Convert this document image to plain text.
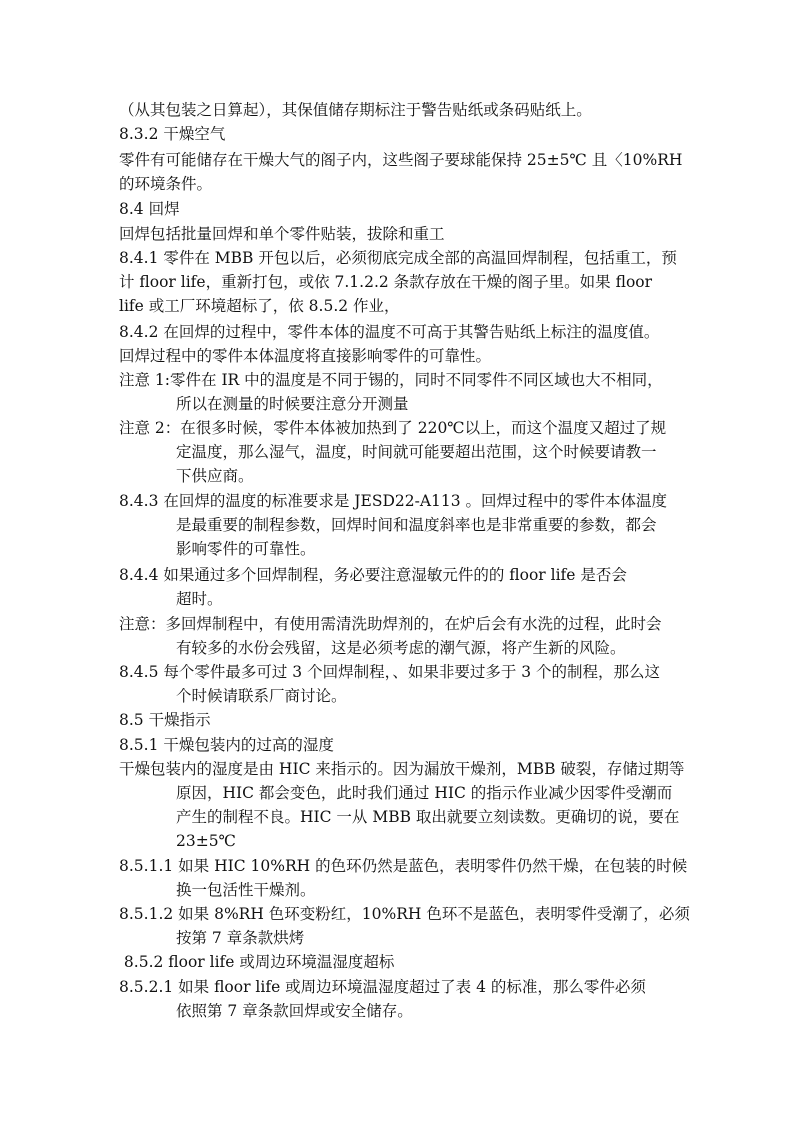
（从其包装之日算起），其保值储存期标注于警告贴纸或条码贴纸上。
8.3.2 干燥空气
零件有可能储存在干燥大气的阁子内，这些阁子要球能保持 25±5℃ 且〈10%RH
的环境条件。
8.4 回焊
回焊包括批量回焊和单个零件贴装，拔除和重工
8.4.1 零件在 MBB 开包以后，必须彻底完成全部的高温回焊制程，包括重工，预
计 floor life，重新打包，或依 7.1.2.2 条款存放在干燥的阁子里。如果 floor
life 或工厂环境超标了，依 8.5.2 作业，
8.4.2 在回焊的过程中，零件本体的温度不可高于其警告贴纸上标注的温度值。
回焊过程中的零件本体温度将直接影响零件的可靠性。
注意 1:零件在 IR 中的温度是不同于锡的，同时不同零件不同区域也大不相同，
所以在测量的时候要注意分开测量
注意 2：在很多时候，零件本体被加热到了 220℃以上，而这个温度又超过了规
定温度，那么湿气，温度，时间就可能要超出范围，这个时候要请教一
下供应商。
8.4.3 在回焊的温度的标准要求是 JESD22-A113 。回焊过程中的零件本体温度
是最重要的制程参数，回焊时间和温度斜率也是非常重要的参数，都会
影响零件的可靠性。
8.4.4 如果通过多个回焊制程，务必要注意湿敏元件的的 floor life 是否会
超时。
注意：多回焊制程中，有使用需清洗助焊剂的，在炉后会有水洗的过程，此时会
有较多的水份会残留，这是必须考虑的潮气源，将产生新的风险。
8.4.5 每个零件最多可过 3 个回焊制程，、如果非要过多于 3 个的制程，那么这
个时候请联系厂商讨论。
8.5 干燥指示
8.5.1 干燥包装内的过高的湿度
干燥包装内的湿度是由 HIC 来指示的。因为漏放干燥剂，MBB 破裂，存储过期等
原因，HIC 都会变色，此时我们通过 HIC 的指示作业减少因零件受潮而
产生的制程不良。HIC 一从 MBB 取出就要立刻读数。更确切的说，要在
23±5℃
8.5.1.1 如果 HIC 10%RH 的色环仍然是蓝色，表明零件仍然干燥，在包装的时候
换一包活性干燥剂。
8.5.1.2 如果 8%RH 色环变粉红，10%RH 色环不是蓝色，表明零件受潮了，必须
按第 7 章条款烘烤
8.5.2 floor life 或周边环境温湿度超标
8.5.2.1 如果 floor life 或周边环境温湿度超过了表 4 的标准，那么零件必须
依照第 7 章条款回焊或安全储存。
